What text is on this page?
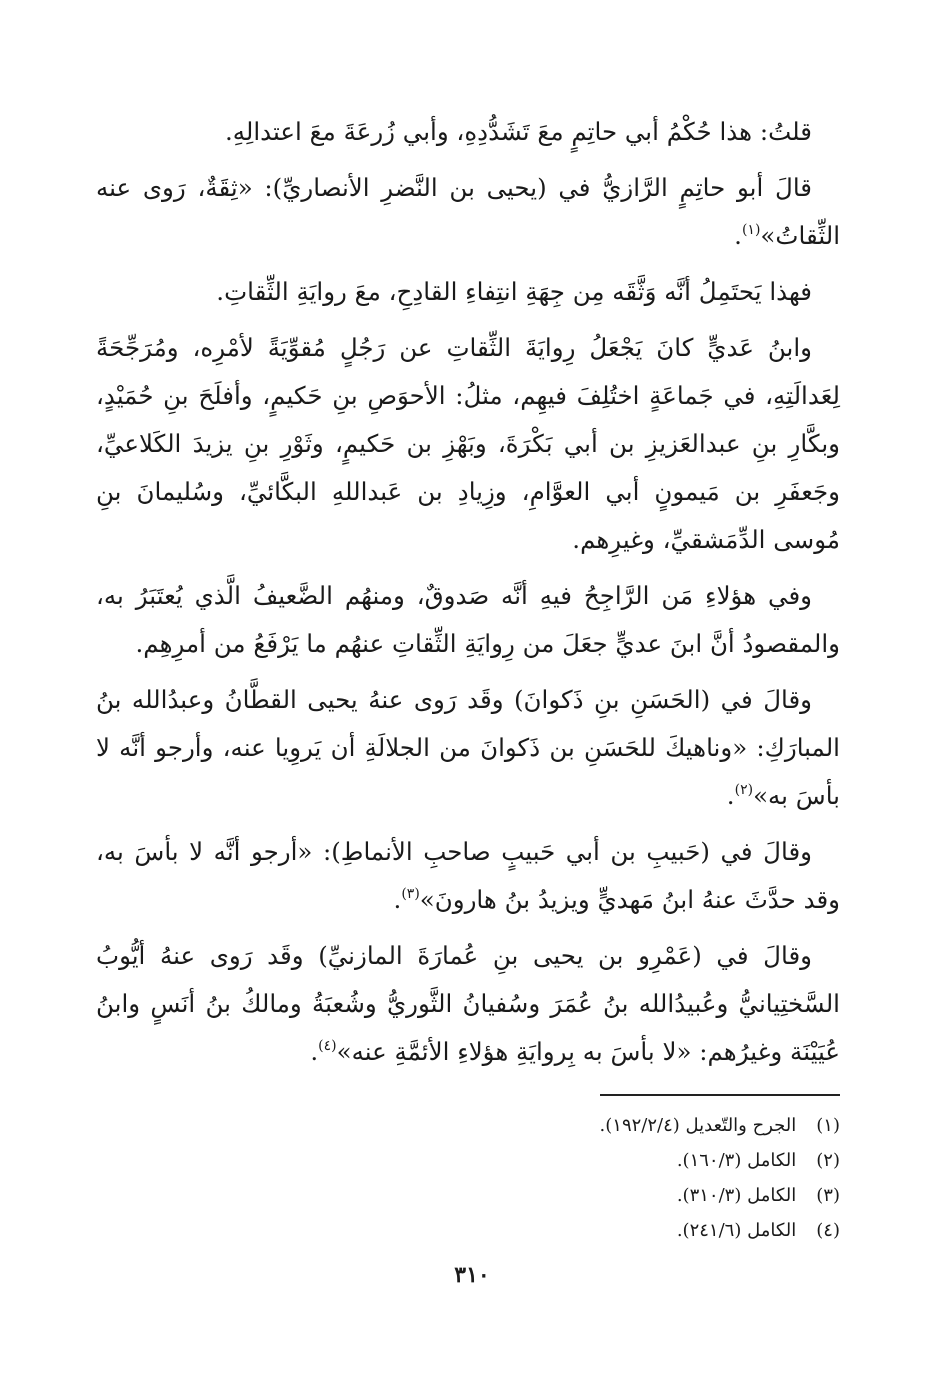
قلتُ: هذا حُكْمُ أبي حاتِمٍ معَ تَشَدُّدِهِ، وأبي زُرعَةَ معَ اعتدالِهِ.

قالَ أبو حاتِمٍ الرَّازيُّ في (يحيى بن النَّضرِ الأنصاريِّ): «ثِقَةٌ، رَوى عنه الثِّقاتُ»$^{(١)}$.

فهذا يَحتَمِلُ أنَّه وَثَّقَه مِن جِهَةِ انتِفاءِ القادِحِ، معَ روايَةِ الثِّقاتِ.

وابنُ عَديٍّ كانَ يَجْعَلُ رِوايَةَ الثِّقاتِ عن رَجُلٍ مُقوِّيَةً لأمْرِه، ومُرَجِّحَةً لِعَدالَتِهِ، في جَماعَةٍ اختُلِفَ فيهِم، مثلُ: الأحوَصِ بنِ حَكيمٍ، وأفلَحَ بنِ حُمَيْدٍ، وبكَّارِ بنِ عبدالعَزيزِ بن أبي بَكْرَةَ، وبَهْزِ بن حَكيمٍ، وثَوْرِ بنِ يزيدَ الكَلاعيِّ، وجَعفَرِ بن مَيمونٍ أبي العوَّامِ، وزِيادِ بن عَبداللهِ البكَّائيِّ، وسُليمانَ بنِ مُوسى الدِّمَشقيِّ، وغيرِهم.

وفي هؤلاءِ مَن الرَّاجِحُ فيهِ أنَّه صَدوقٌ، ومنهُم الضَّعيفُ الَّذي يُعتَبَرُ به، والمقصودُ أنَّ ابنَ عديٍّ جعَلَ من رِوايَةِ الثِّقاتِ عنهُم ما يَرْفَعُ من أمرِهِم.

وقالَ في (الحَسَنِ بنِ ذَكوانَ) وقَد رَوى عنهُ يحيى القطَّانُ وعبدُالله بنُ المبارَكِ: «وناهيكَ للحَسَنِ بن ذَكوانَ من الجلالَةِ أن يَروِيا عنه، وأرجو أنَّه لا بأسَ به»$^{(٢)}$.

وقالَ في (حَبيبِ بن أبي حَبيبٍ صاحبِ الأنماطِ): «أرجو أنَّه لا بأسَ به، وقد حدَّثَ عنهُ ابنُ مَهديٍّ ويزيدُ بنُ هارونَ»$^{(٣)}$.

وقالَ في (عَمْرِو بن يحيى بنِ عُمارَةَ المازنيِّ) وقَد رَوى عنهُ أيُّوبُ السَّختِيانيُّ وعُبيدُالله بنُ عُمَرَ وسُفيانُ الثَّوريُّ وشُعبَةُ ومالكُ بنُ أنَسٍ وابنُ عُيَيْنَة وغيرُهم: «لا بأسَ به بِروايَةِ هؤلاءِ الأئمَّةِ عنه»$^{(٤)}$.

(١) الجرح والتّعديل (١٩٢/٢/٤).
(٢) الكامل (١٦٠/٣).
(٣) الكامل (٣١٠/٣).
(٤) الكامل (٢٤١/٦).
٣١٠
